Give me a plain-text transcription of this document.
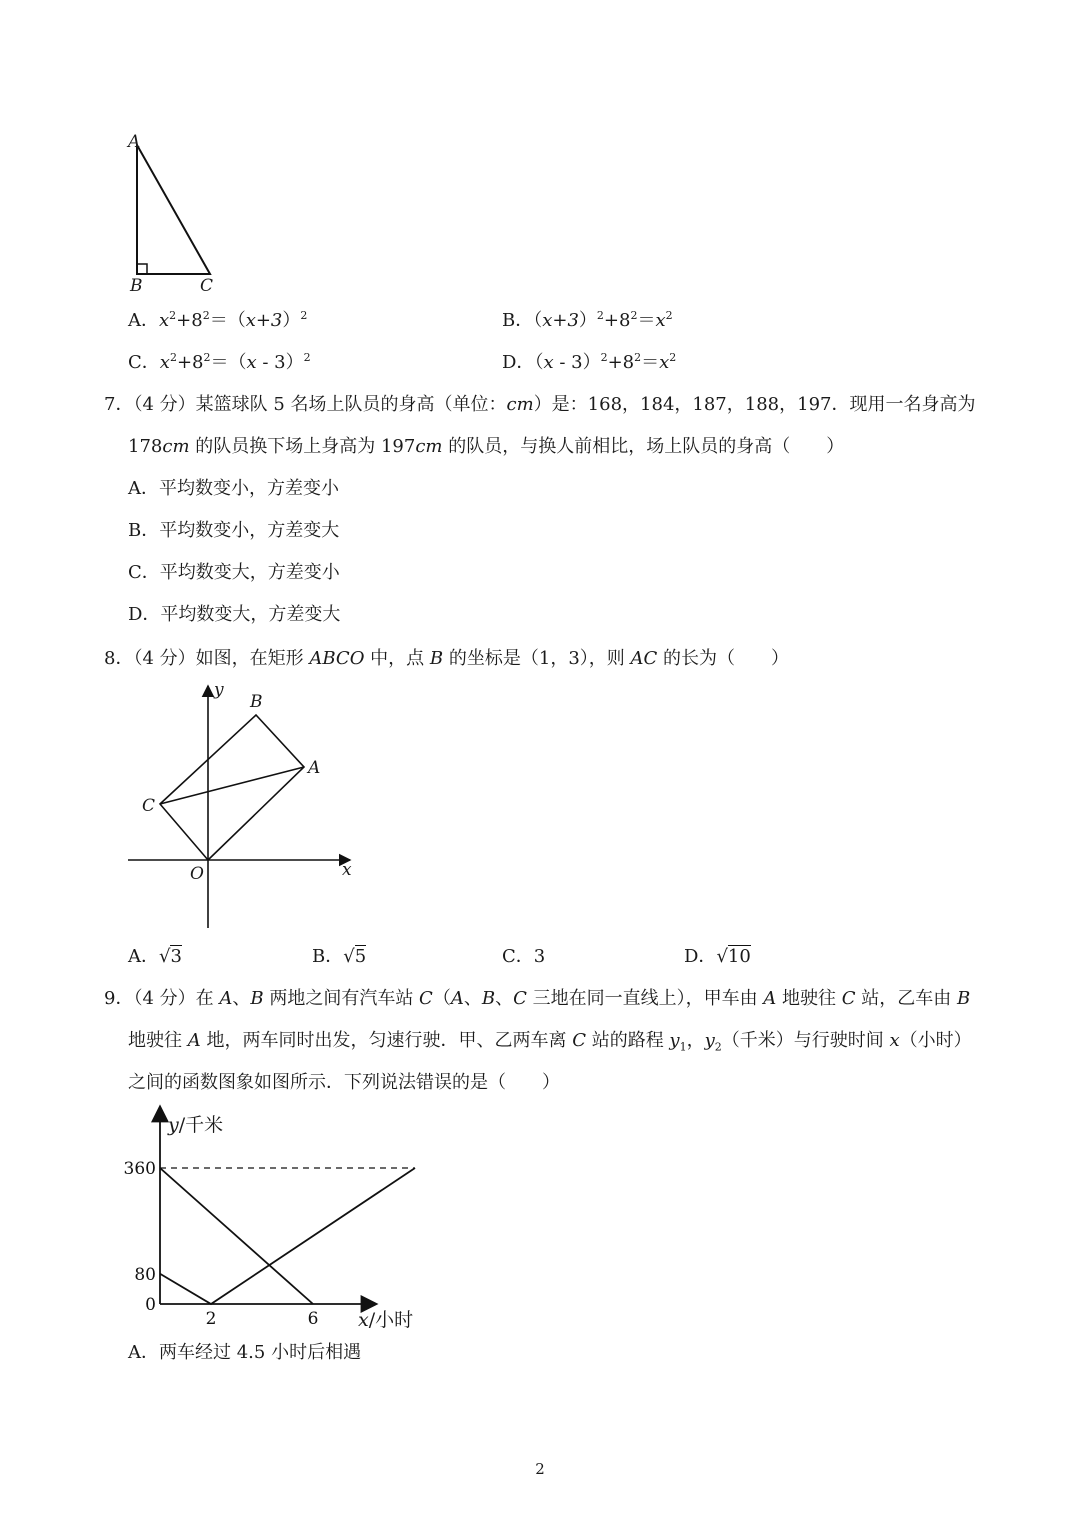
A
B	C
A．$x^2+8^2=(x+3)^2$	B．$(x+3)^2+8^2=x^2$
C．$x^2+8^2=(x - 3)^2$	D．$(x - 3)^2+8^2=x^2$
7．（4 分）某篮球队 5 名场上队员的身高（单位：cm）是：168，184，187，188，197．现用一名身高为
178cm 的队员换下场上身高为 197cm 的队员，与换人前相比，场上队员的身高（　　）
A．平均数变小，方差变小
B．平均数变小，方差变大
C．平均数变大，方差变小
D．平均数变大，方差变大
8．（4 分）如图，在矩形 ABCO 中，点 B 的坐标是（1，3），则 AC 的长为（　　）
y
B
A
C
O	x
A．√3	B．√5	C．3	D．√10
9．（4 分）在 A、B 两地之间有汽车站 C（A、B、C 三地在同一直线上），甲车由 A 地驶往 C 站，乙车由 B
地驶往 A 地，两车同时出发，匀速行驶．甲、乙两车离 C 站的路程 $y_1$，$y_2$（千米）与行驶时间 x（小时）
之间的函数图象如图所示．下列说法错误的是（　　）
360
80
0
2	6
y/千米
x/小时
A．两车经过 4.5 小时后相遇
2
